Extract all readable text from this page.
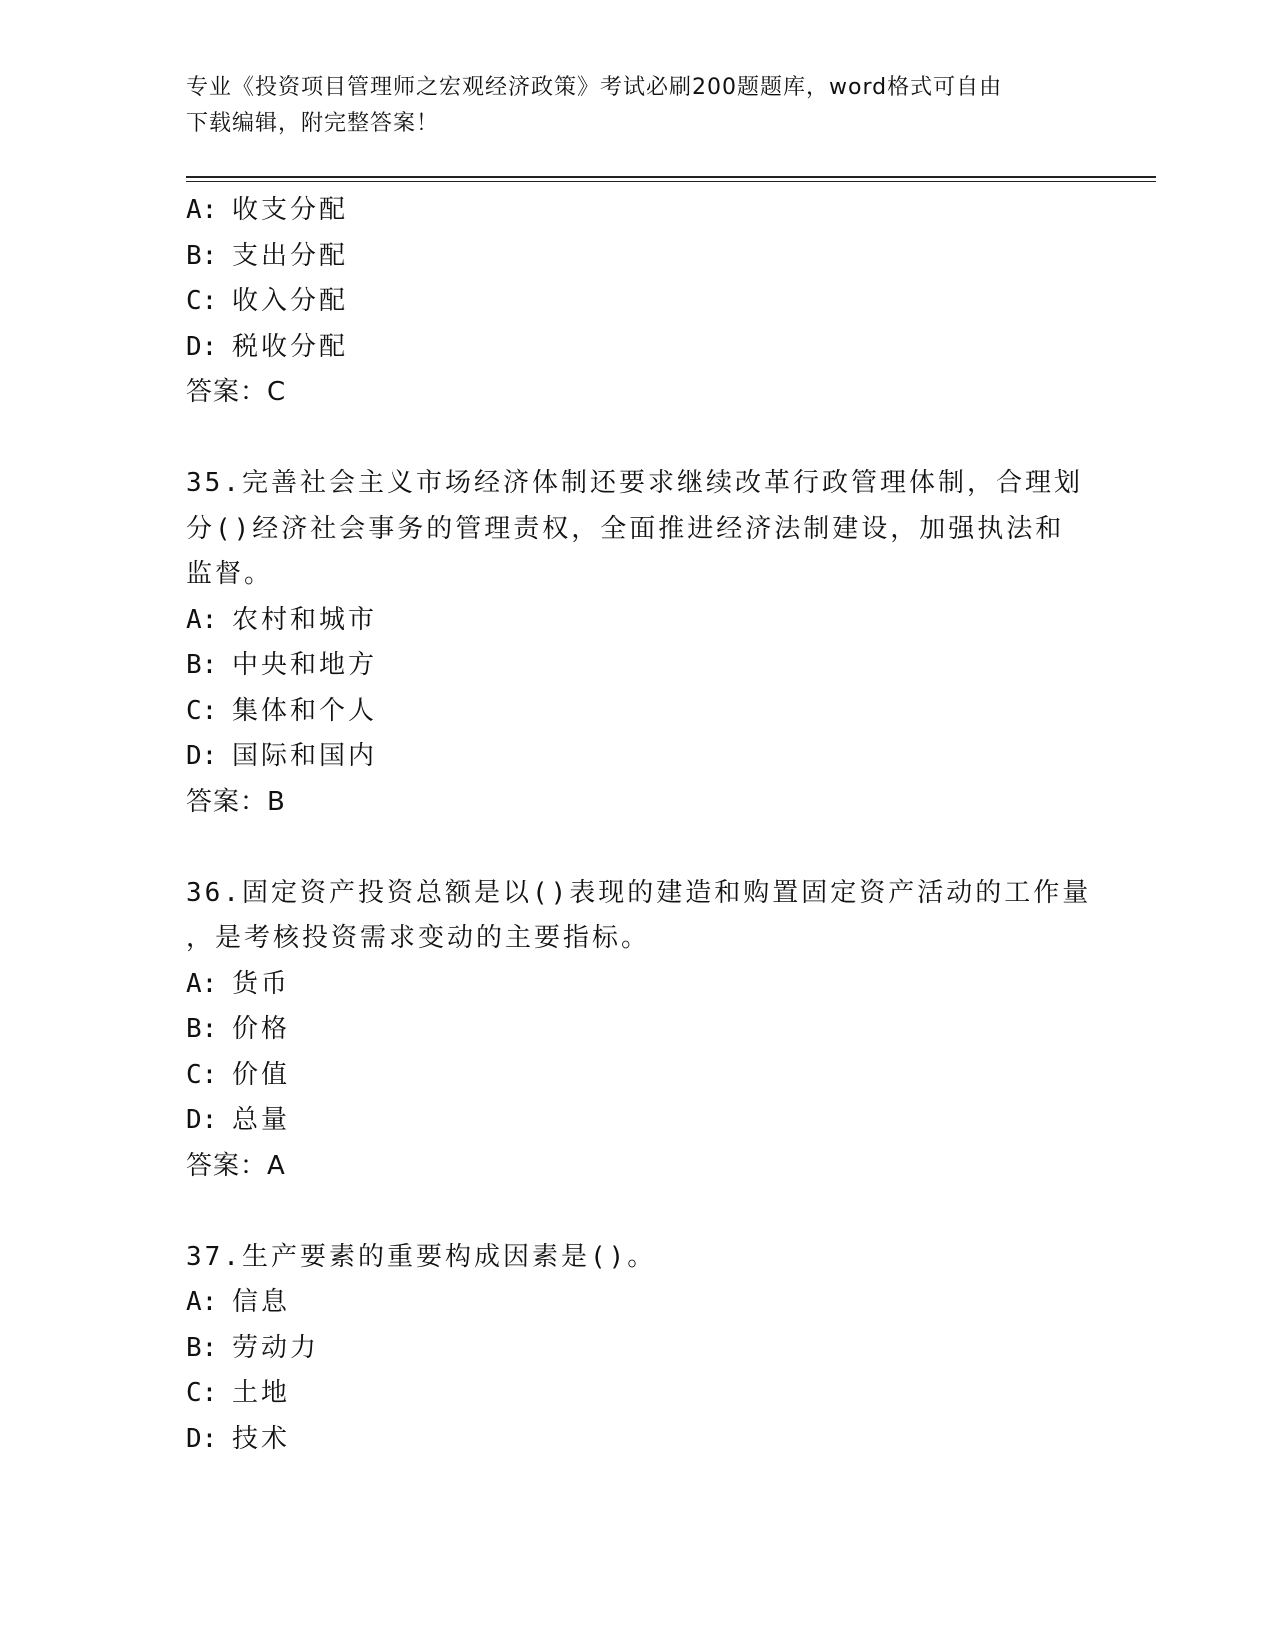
专业《投资项目管理师之宏观经济政策》考试必刷200题题库，word格式可自由
下载编辑，附完整答案！
A: 收支分配
B: 支出分配
C: 收入分配
D: 税收分配
答案：C
35.完善社会主义市场经济体制还要求继续改革行政管理体制，合理划
分()经济社会事务的管理责权，全面推进经济法制建设，加强执法和
监督。
A: 农村和城市
B: 中央和地方
C: 集体和个人
D: 国际和国内
答案：B
36.固定资产投资总额是以()表现的建造和购置固定资产活动的工作量
，是考核投资需求变动的主要指标。
A: 货币
B: 价格
C: 价值
D: 总量
答案：A
37.生产要素的重要构成因素是()。
A: 信息
B: 劳动力
C: 土地
D: 技术
